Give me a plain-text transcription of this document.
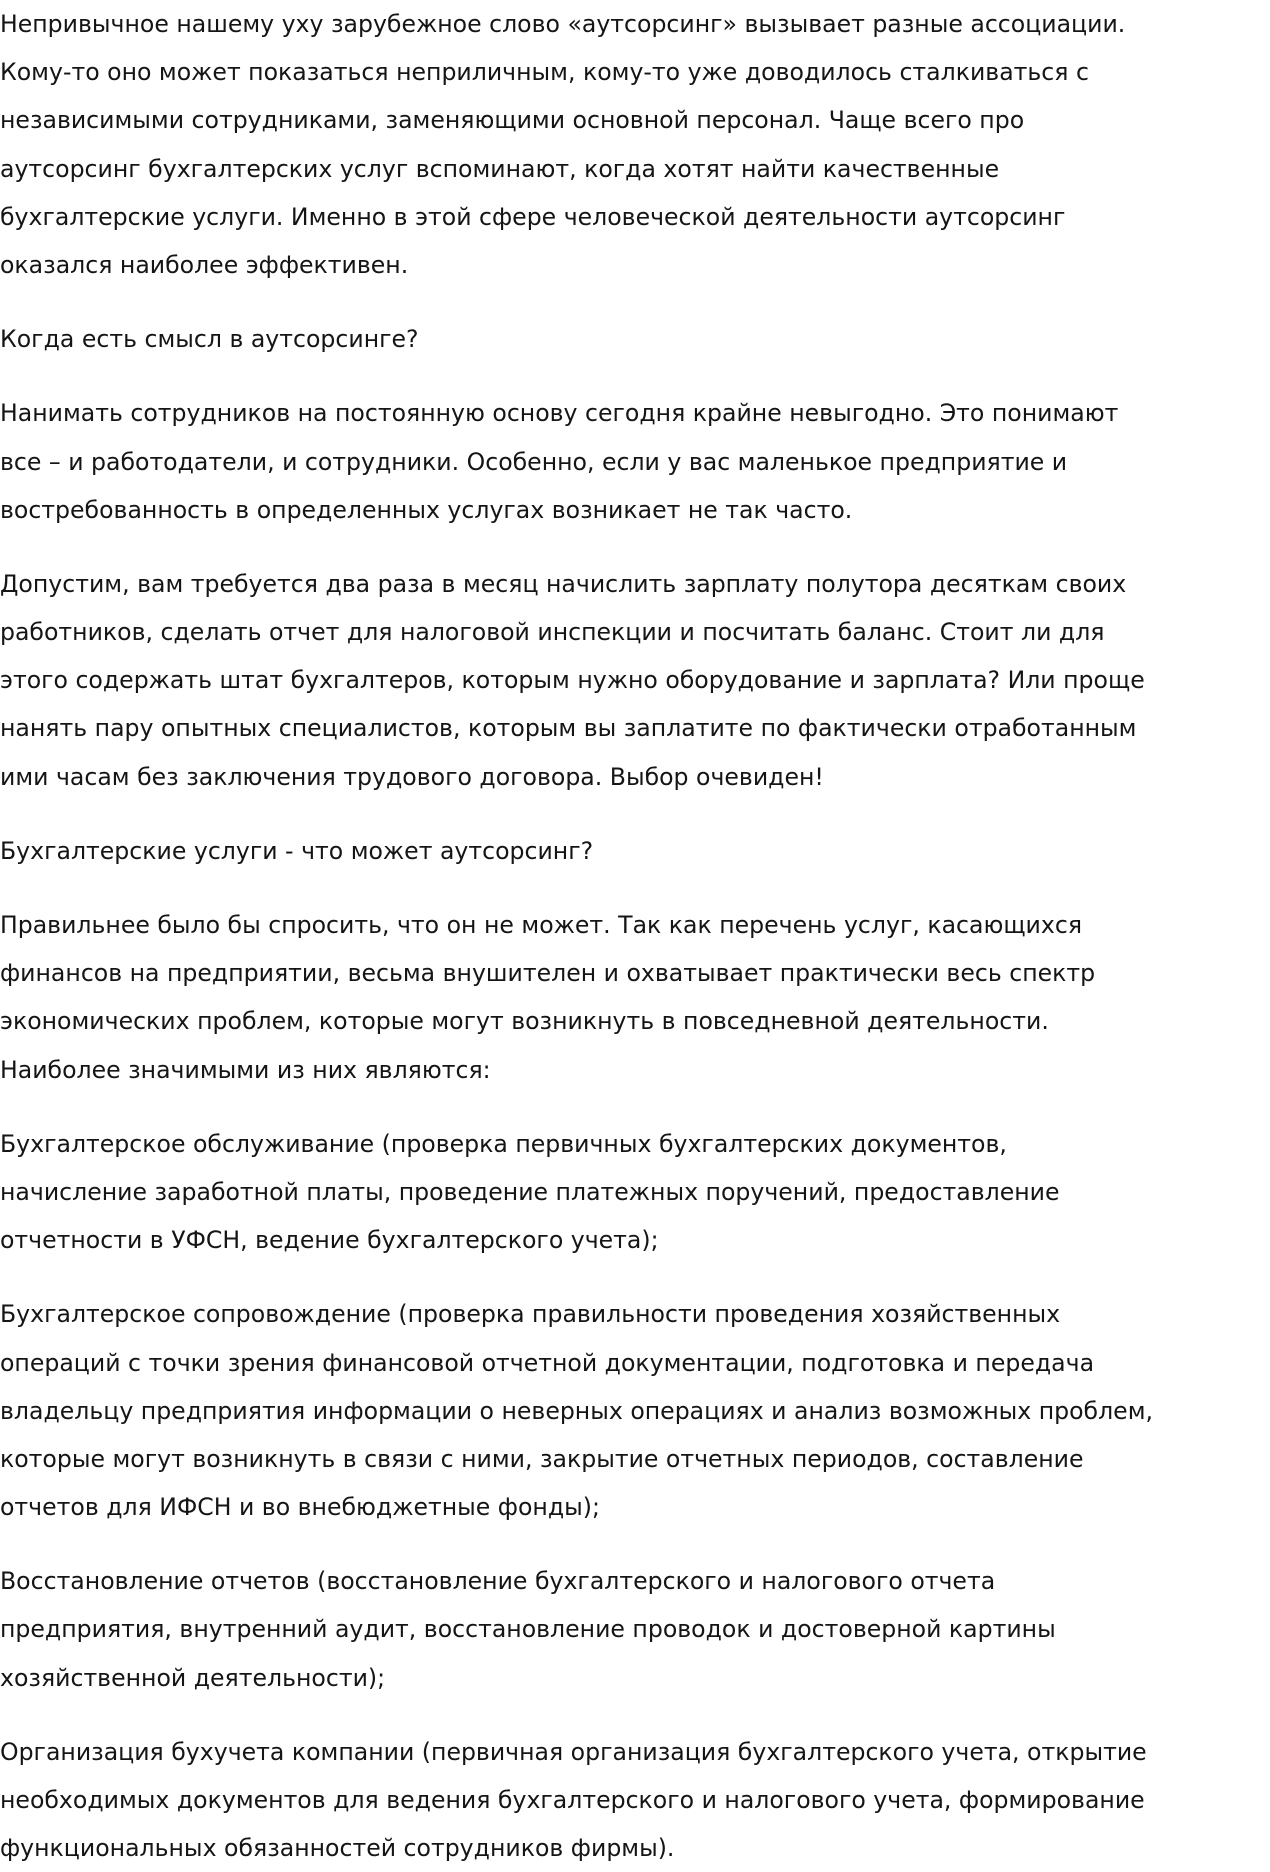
Непривычное нашему уху зарубежное слово «аутсорсинг» вызывает разные ассоциации.
Кому-то оно может показаться неприличным, кому-то уже доводилось сталкиваться с
независимыми сотрудниками, заменяющими основной персонал. Чаще всего про
аутсорсинг бухгалтерских услуг вспоминают, когда хотят найти качественные
бухгалтерские услуги. Именно в этой сфере человеческой деятельности аутсорсинг
оказался наиболее эффективен.

Когда есть смысл в аутсорсинге?

Нанимать сотрудников на постоянную основу сегодня крайне невыгодно. Это понимают
все – и работодатели, и сотрудники. Особенно, если у вас маленькое предприятие и
востребованность в определенных услугах возникает не так часто.

Допустим, вам требуется два раза в месяц начислить зарплату полутора десяткам своих
работников, сделать отчет для налоговой инспекции и посчитать баланс. Стоит ли для
этого содержать штат бухгалтеров, которым нужно оборудование и зарплата? Или проще
нанять пару опытных специалистов, которым вы заплатите по фактически отработанным
ими часам без заключения трудового договора. Выбор очевиден!

Бухгалтерские услуги - что может аутсорсинг?

Правильнее было бы спросить, что он не может. Так как перечень услуг, касающихся
финансов на предприятии, весьма внушителен и охватывает практически весь спектр
экономических проблем, которые могут возникнуть в повседневной деятельности.
Наиболее значимыми из них являются:

Бухгалтерское обслуживание (проверка первичных бухгалтерских документов,
начисление заработной платы, проведение платежных поручений, предоставление
отчетности в УФСН, ведение бухгалтерского учета);

Бухгалтерское сопровождение (проверка правильности проведения хозяйственных
операций с точки зрения финансовой отчетной документации, подготовка и передача
владельцу предприятия информации о неверных операциях и анализ возможных проблем,
которые могут возникнуть в связи с ними, закрытие отчетных периодов, составление
отчетов для ИФСН и во внебюджетные фонды);

Восстановление отчетов (восстановление бухгалтерского и налогового отчета
предприятия, внутренний аудит, восстановление проводок и достоверной картины
хозяйственной деятельности);

Организация бухучета компании (первичная организация бухгалтерского учета, открытие
необходимых документов для ведения бухгалтерского и налогового учета, формирование
функциональных обязанностей сотрудников фирмы).
